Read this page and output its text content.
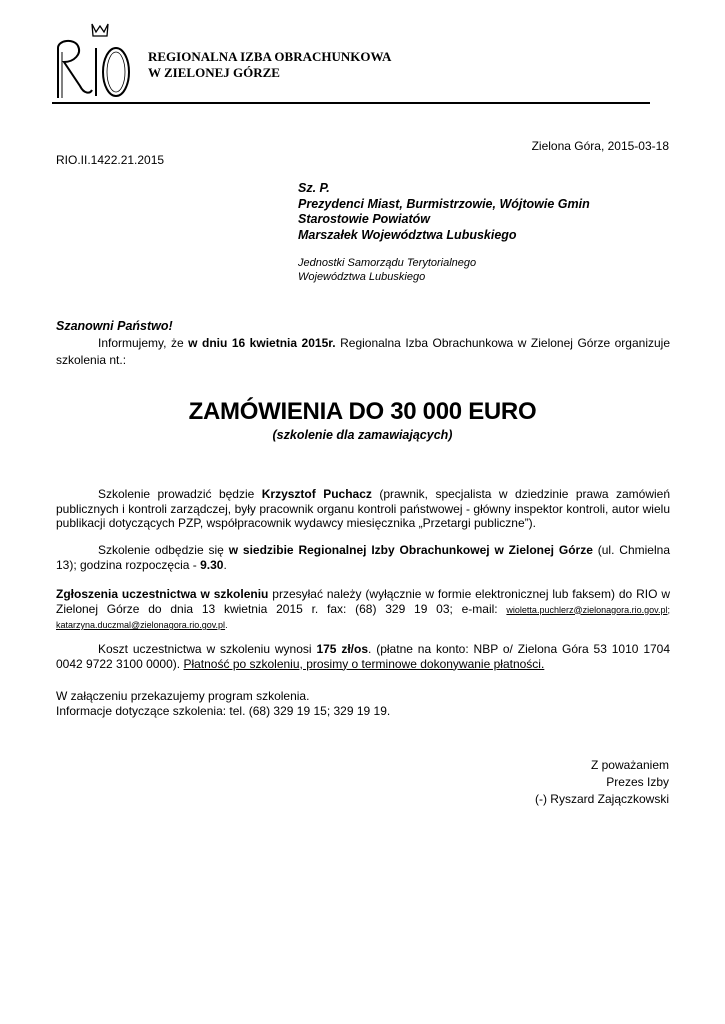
REGIONALNA IZBA OBRACHUNKOWA
W ZIELONEJ GÓRZE
Zielona Góra, 2015-03-18
RIO.II.1422.21.2015
Sz. P.
Prezydenci Miast, Burmistrzowie, Wójtowie Gmin
Starostowie Powiatów
Marszałek Województwa Lubuskiego
Jednostki Samorządu Terytorialnego
Województwa Lubuskiego
Szanowni Państwo!
Informujemy, że w dniu 16 kwietnia 2015r. Regionalna Izba Obrachunkowa w Zielonej Górze organizuje szkolenia nt.:
ZAMÓWIENIA DO 30 000 EURO
(szkolenie dla zamawiających)
Szkolenie prowadzić będzie Krzysztof Puchacz (prawnik, specjalista w dziedzinie prawa zamówień publicznych i kontroli zarządczej, były pracownik organu kontroli państwowej - główny inspektor kontroli, autor wielu publikacji dotyczących PZP, współpracownik wydawcy miesięcznika „Przetargi publiczne”).
Szkolenie odbędzie się w siedzibie Regionalnej Izby Obrachunkowej w Zielonej Górze (ul. Chmielna 13); godzina rozpoczęcia - 9.30.
Zgłoszenia uczestnictwa w szkoleniu przesyłać należy (wyłącznie w formie elektronicznej lub faksem) do RIO w Zielonej Górze do dnia 13 kwietnia 2015 r. fax: (68) 329 19 03; e-mail: wioletta.puchlerz@zielonagora.rio.gov.pl; katarzyna.duczmal@zielonagora.rio.gov.pl.
Koszt uczestnictwa w szkoleniu wynosi 175 zł/os. (płatne na konto: NBP o/ Zielona Góra 53 1010 1704 0042 9722 3100 0000). Płatność po szkoleniu, prosimy o terminowe dokonywanie płatności.
W załączeniu przekazujemy program szkolenia.
Informacje dotyczące szkolenia: tel. (68) 329 19 15; 329 19 19.
Z poważaniem
Prezes Izby
(-) Ryszard Zajączkowski
